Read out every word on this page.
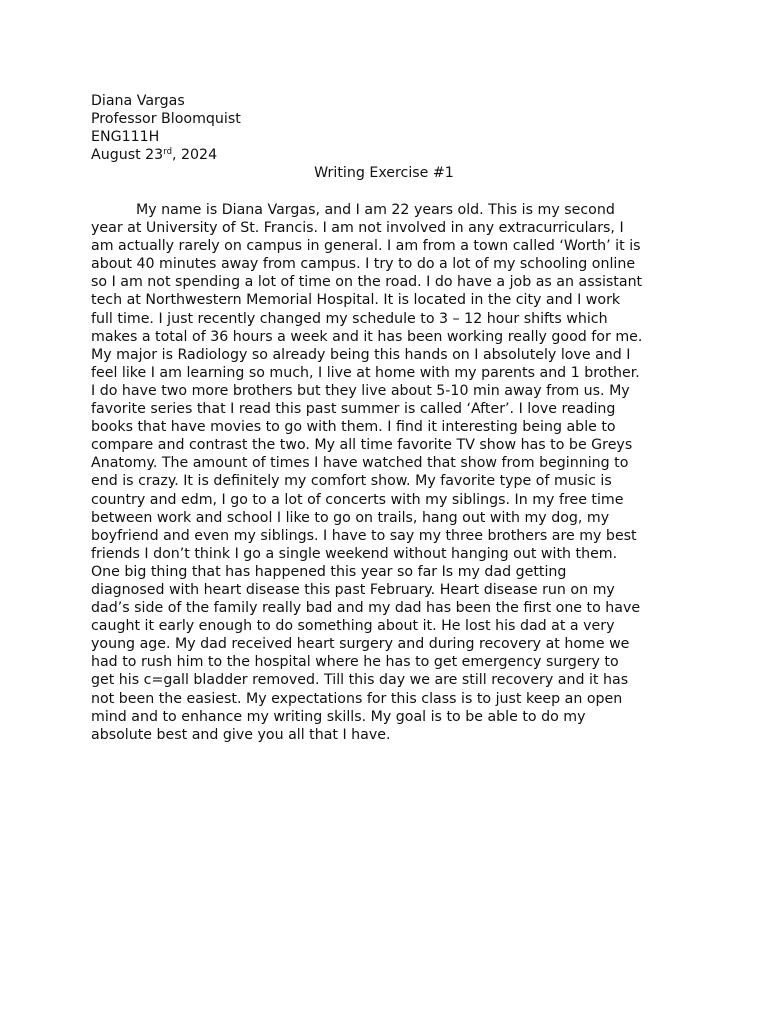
Diana Vargas
Professor Bloomquist
ENG111H
August 23rd, 2024
Writing Exercise #1
My name is Diana Vargas, and I am 22 years old. This is my second
year at University of St. Francis. I am not involved in any extracurriculars, I
am actually rarely on campus in general. I am from a town called ‘Worth’ it is
about 40 minutes away from campus. I try to do a lot of my schooling online
so I am not spending a lot of time on the road. I do have a job as an assistant
tech at Northwestern Memorial Hospital. It is located in the city and I work
full time. I just recently changed my schedule to 3 – 12 hour shifts which
makes a total of 36 hours a week and it has been working really good for me.
My major is Radiology so already being this hands on I absolutely love and I
feel like I am learning so much, I live at home with my parents and 1 brother.
I do have two more brothers but they live about 5-10 min away from us. My
favorite series that I read this past summer is called ‘After’. I love reading
books that have movies to go with them. I find it interesting being able to
compare and contrast the two. My all time favorite TV show has to be Greys
Anatomy. The amount of times I have watched that show from beginning to
end is crazy. It is definitely my comfort show. My favorite type of music is
country and edm, I go to a lot of concerts with my siblings. In my free time
between work and school I like to go on trails, hang out with my dog, my
boyfriend and even my siblings. I have to say my three brothers are my best
friends I don’t think I go a single weekend without hanging out with them.
One big thing that has happened this year so far Is my dad getting
diagnosed with heart disease this past February. Heart disease run on my
dad’s side of the family really bad and my dad has been the first one to have
caught it early enough to do something about it. He lost his dad at a very
young age. My dad received heart surgery and during recovery at home we
had to rush him to the hospital where he has to get emergency surgery to
get his c=gall bladder removed. Till this day we are still recovery and it has
not been the easiest. My expectations for this class is to just keep an open
mind and to enhance my writing skills. My goal is to be able to do my
absolute best and give you all that I have.
